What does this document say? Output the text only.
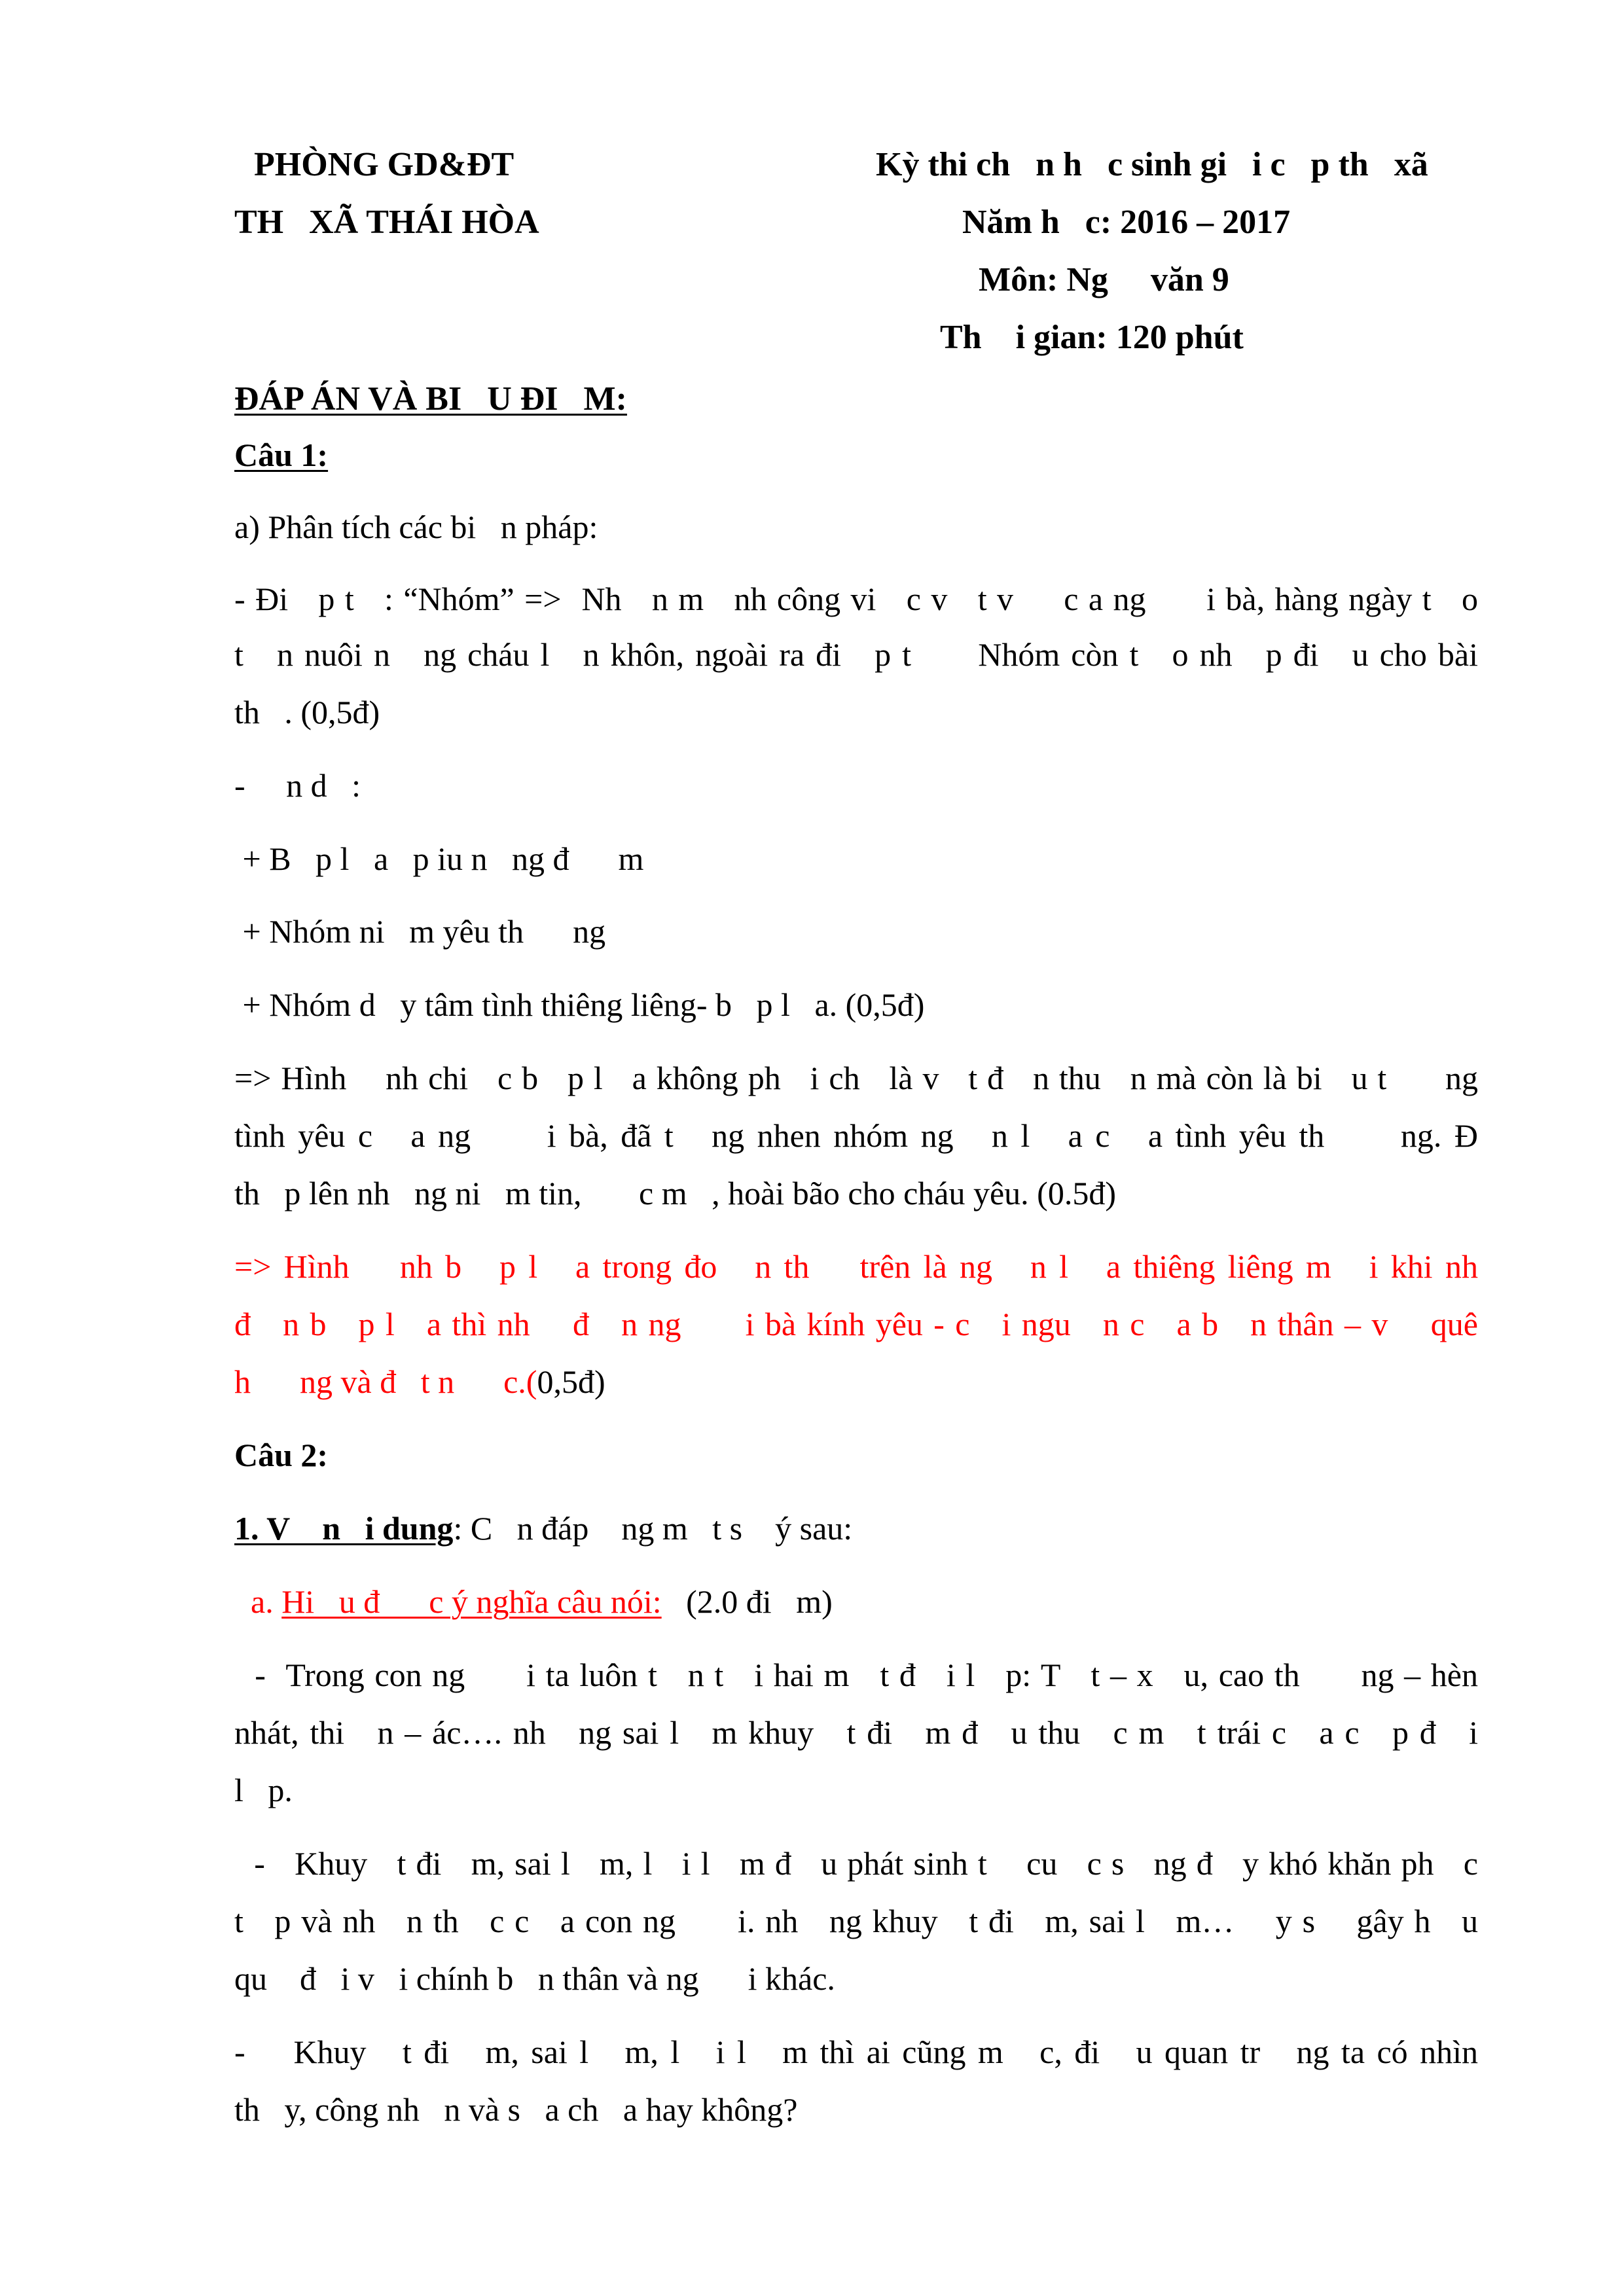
PHÒNG GD&ĐT
TH   XÃ THÁI HÒA
Kỳ thi ch   n h   c sinh gi   i c   p th   xã
Năm h   c: 2016 – 2017
Môn: Ng     văn 9
Th    i gian: 120 phút
ĐÁP ÁN VÀ BI   U ĐI   M:
Câu 1:
a) Phân tích các bi   n pháp:
- Đi   p t   : “Nhóm” =>  Nh   n m   nh công vi   c v   t v     c a ng      i bà, hàng ngày t   o
t   n nuôi n   ng cháu l   n khôn, ngoài ra đi   p t      Nhóm còn t   o nh   p đi   u cho bài
th   . (0,5đ)
-     n d   :
+ B   p l   a   p iu n   ng đ      m
+ Nhóm ni   m yêu th      ng
+ Nhóm d   y tâm tình thiêng liêng- b   p l   a. (0,5đ)
=> Hình    nh chi   c b   p l   a không ph   i ch   là v   t đ   n thu   n mà còn là bi   u t      ng
tình yêu c   a ng      i bà, đã t   ng nhen nhóm ng   n l   a c   a tình yêu th      ng. Đ
th   p lên nh   ng ni   m tin,       c m   , hoài bão cho cháu yêu. (0.5đ)
=> Hình    nh b   p l   a trong đo   n th    trên là ng   n l   a thiêng liêng m   i khi nh
đ   n b   p l   a thì nh    đ   n ng      i bà kính yêu - c   i ngu   n c   a b   n thân – v    quê
h      ng và đ   t n      c.(0,5đ)
Câu 2:
1. V    n   i dung: C   n đáp    ng m   t s    ý sau:
a. Hi   u đ      c ý nghĩa câu nói:   (2.0 đi   m)
-  Trong con ng      i ta luôn t   n t   i hai m   t đ   i l   p: T   t – x   u, cao th      ng – hèn
nhát, thi   n – ác…. nh   ng sai l   m khuy   t đi   m đ   u thu   c m   t trái c   a c   p đ   i
l   p.
-   Khuy   t đi   m, sai l   m, l   i l   m đ   u phát sinh t    cu   c s   ng đ   y khó khăn ph   c
t   p và nh   n th   c c   a con ng      i. nh   ng khuy   t đi   m, sai l   m…    y s    gây h   u
qu    đ   i v   i chính b   n thân và ng      i khác.
-    Khuy   t đi   m, sai l   m, l   i l   m thì ai cũng m   c, đi   u quan tr   ng ta có nhìn
th   y, công nh   n và s   a ch   a hay không?
